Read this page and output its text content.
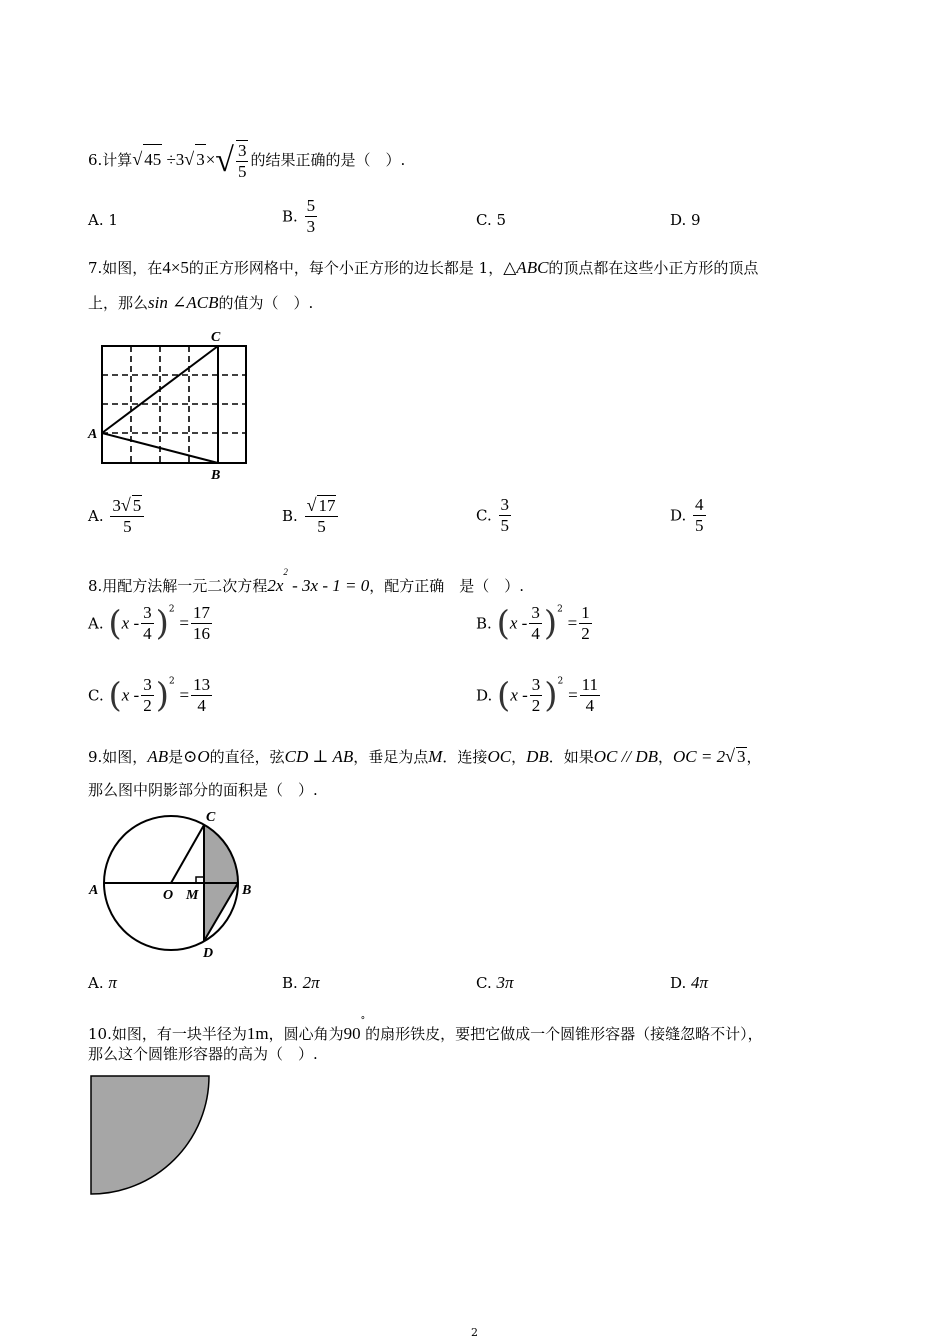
6.计算√ 45 ÷3√ $3\times√ \frac{3}{5}$ 的结果正确的是（　）.
A. 1	B. $\frac{5}{3}$	C. 5	D. 9
7.如图，在4×5的正方形网格中，每个小正方形的边长都是 1，△ABC的顶点都在这些小正方形的顶点
上，那么sin ∠ACB的值为（　）.
C
A
B
A. $\frac{3√ 5}{5}$	B. $\frac{√ 17}{5}$	C. $\frac{3}{5}$	D. $\frac{4}{5}$
8.用配方法解一元二次方程$2x^2 - 3x - 1 = 0$，配方正确　是（　）.
A. $(x - \frac{3}{4} )^2 = \frac{17}{16}$	B. $(x - \frac{3}{4} )^2 = \frac{1}{2}$
C. $(x - \frac{3}{2} )^2 = \frac{13}{4}$	D. $(x - \frac{3}{2} )^2 = \frac{11}{4}$
9.如图，AB是⊙O的直径，弦CD ⊥ AB，垂足为点M．连接OC，DB．如果OC // DB，OC = 2√ 3，
那么图中阴影部分的面积是（　）.
C
A	O M	B
D
A. π	B. 2π	C. 3π	D. 4π
10.如图，有一块半径为1m，圆心角为90°的扇形铁皮，要把它做成一个圆锥形容器（接缝忽略不计），
那么这个圆锥形容器的高为（　）.
2
